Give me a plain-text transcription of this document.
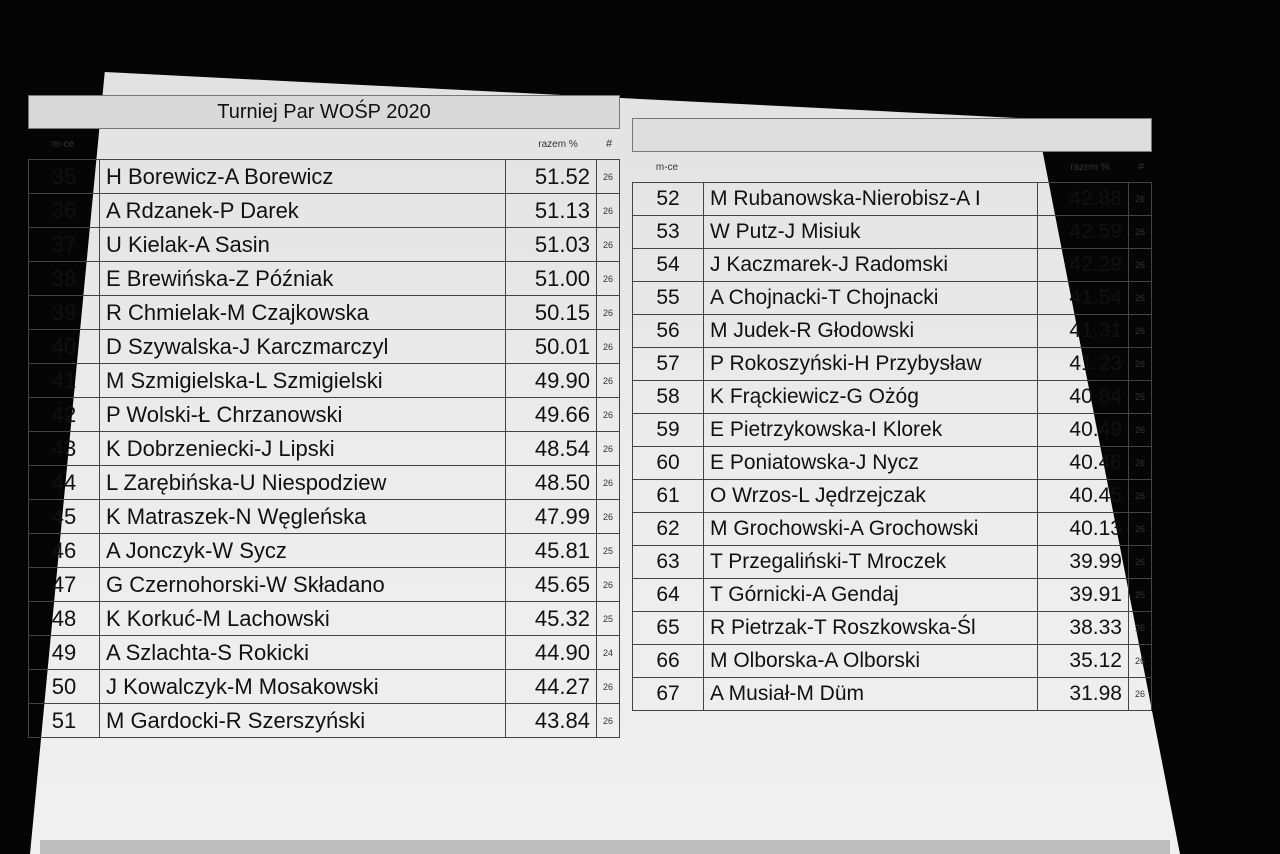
Turniej Par WOŚP 2020
m-ce	razem %	#
35	H Borewicz-A Borewicz	51.52	26
36	A Rdzanek-P Darek	51.13	26
37	U Kielak-A Sasin	51.03	26
38	E Brewińska-Z Późniak	51.00	26
39	R Chmielak-M Czajkowska	50.15	26
40	D Szywalska-J Karczmarczyl	50.01	26
41	M Szmigielska-L Szmigielski	49.90	26
42	P Wolski-Ł Chrzanowski	49.66	26
43	K Dobrzeniecki-J Lipski	48.54	26
44	L Zarębińska-U Niespodziew	48.50	26
45	K Matraszek-N Węgleńska	47.99	26
46	A Jonczyk-W Sycz	45.81	25
47	G Czernohorski-W Składano	45.65	26
48	K Korkuć-M Lachowski	45.32	25
49	A Szlachta-S Rokicki	44.90	24
50	J Kowalczyk-M Mosakowski	44.27	26
51	M Gardocki-R Szerszyński	43.84	26
m-ce	razem %	#
52	M Rubanowska-Nierobisz-A I	42.88	26
53	W Putz-J Misiuk	42.59	26
54	J Kaczmarek-J Radomski	42.29	26
55	A Chojnacki-T Chojnacki	41.54	26
56	M Judek-R Głodowski	41.31	26
57	P Rokoszyński-H Przybysław	41.23	26
58	K Frąckiewicz-G Ożóg	40.84	25
59	E Pietrzykowska-I Klorek	40.49	26
60	E Poniatowska-J Nycz	40.46	26
61	O Wrzos-L Jędrzejczak	40.45	26
62	M Grochowski-A Grochowski	40.13	26
63	T Przegaliński-T Mroczek	39.99	26
64	T Górnicki-A Gendaj	39.91	25
65	R Pietrzak-T Roszkowska-Śl	38.33	26
66	M Olborska-A Olborski	35.12	26
67	A Musiał-M Düm	31.98	26
